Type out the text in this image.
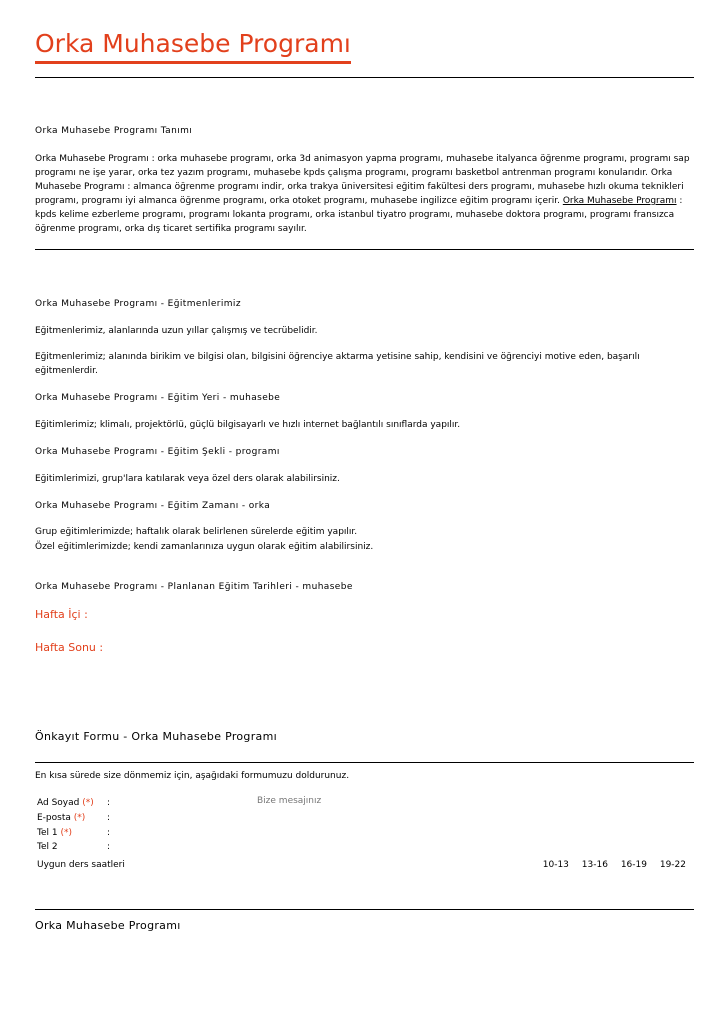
Orka Muhasebe Programı
Orka Muhasebe Programı Tanımı
Orka Muhasebe Programı : orka muhasebe programı, orka 3d animasyon yapma programı, muhasebe italyanca öğrenme programı, programı sap programı ne işe yarar, orka tez yazım programı, muhasebe kpds çalışma programı, programı basketbol antrenman programı konularıdır. Orka Muhasebe Programı : almanca öğrenme programı indir, orka trakya üniversitesi eğitim fakültesi ders programı, muhasebe hızlı okuma teknikleri programı, programı iyi almanca öğrenme programı, orka otoket programı, muhasebe ingilizce eğitim programı içerir. Orka Muhasebe Programı : kpds kelime ezberleme programı, programı lokanta programı, orka istanbul tiyatro programı, muhasebe doktora programı, programı fransızca öğrenme programı, orka dış ticaret sertifika programı sayılır.
Orka Muhasebe Programı - Eğitmenlerimiz
Eğitmenlerimiz, alanlarında uzun yıllar çalışmış ve tecrübelidir.
Eğitmenlerimiz; alanında birikim ve bilgisi olan, bilgisini öğrenciye aktarma yetisine sahip, kendisini ve öğrenciyi motive eden, başarılı eğitmenlerdir.
Orka Muhasebe Programı - Eğitim Yeri - muhasebe
Eğitimlerimiz; klimalı, projektörlü, güçlü bilgisayarlı ve hızlı internet bağlantılı sınıflarda yapılır.
Orka Muhasebe Programı - Eğitim Şekli - programı
Eğitimlerimizi, grup'lara katılarak veya özel ders olarak alabilirsiniz.
Orka Muhasebe Programı - Eğitim Zamanı - orka
Grup eğitimlerimizde; haftalık olarak belirlenen sürelerde eğitim yapılır.
Özel eğitimlerimizde; kendi zamanlarınıza uygun olarak eğitim alabilirsiniz.
Orka Muhasebe Programı - Planlanan Eğitim Tarihleri - muhasebe
Hafta İçi :
Hafta Sonu :
Önkayıt Formu - Orka Muhasebe Programı
En kısa sürede size dönmemiz için, aşağıdaki formumuzu doldurunuz.
Ad Soyad (*) :
E-posta (*) :
Tel 1 (*)	:
Tel 2	:
Bize mesajınız
Uygun ders saatleri	10-13 13-16 16-19 19-22
Orka Muhasebe Programı
